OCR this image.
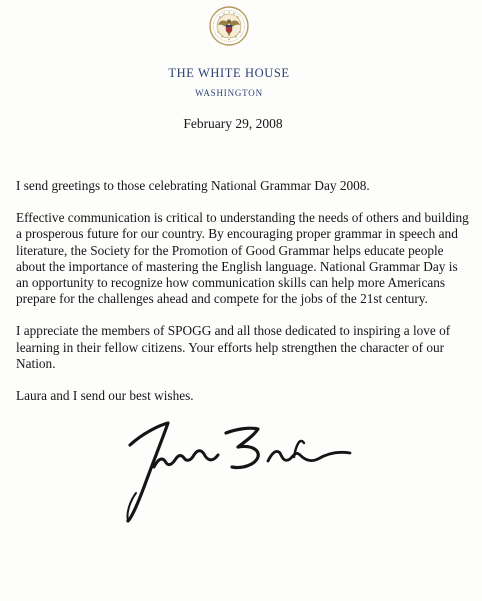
THE WHITE HOUSE
WASHINGTON
February 29, 2008

I send greetings to those celebrating National Grammar Day 2008.

Effective communication is critical to understanding the needs of others and building a prosperous future for our country. By encouraging proper grammar in speech and literature, the Society for the Promotion of Good Grammar helps educate people about the importance of mastering the English language. National Grammar Day is an opportunity to recognize how communication skills can help more Americans prepare for the challenges ahead and compete for the jobs of the 21st century.

I appreciate the members of SPOGG and all those dedicated to inspiring a love of learning in their fellow citizens. Your efforts help strengthen the character of our Nation.

Laura and I send our best wishes.
